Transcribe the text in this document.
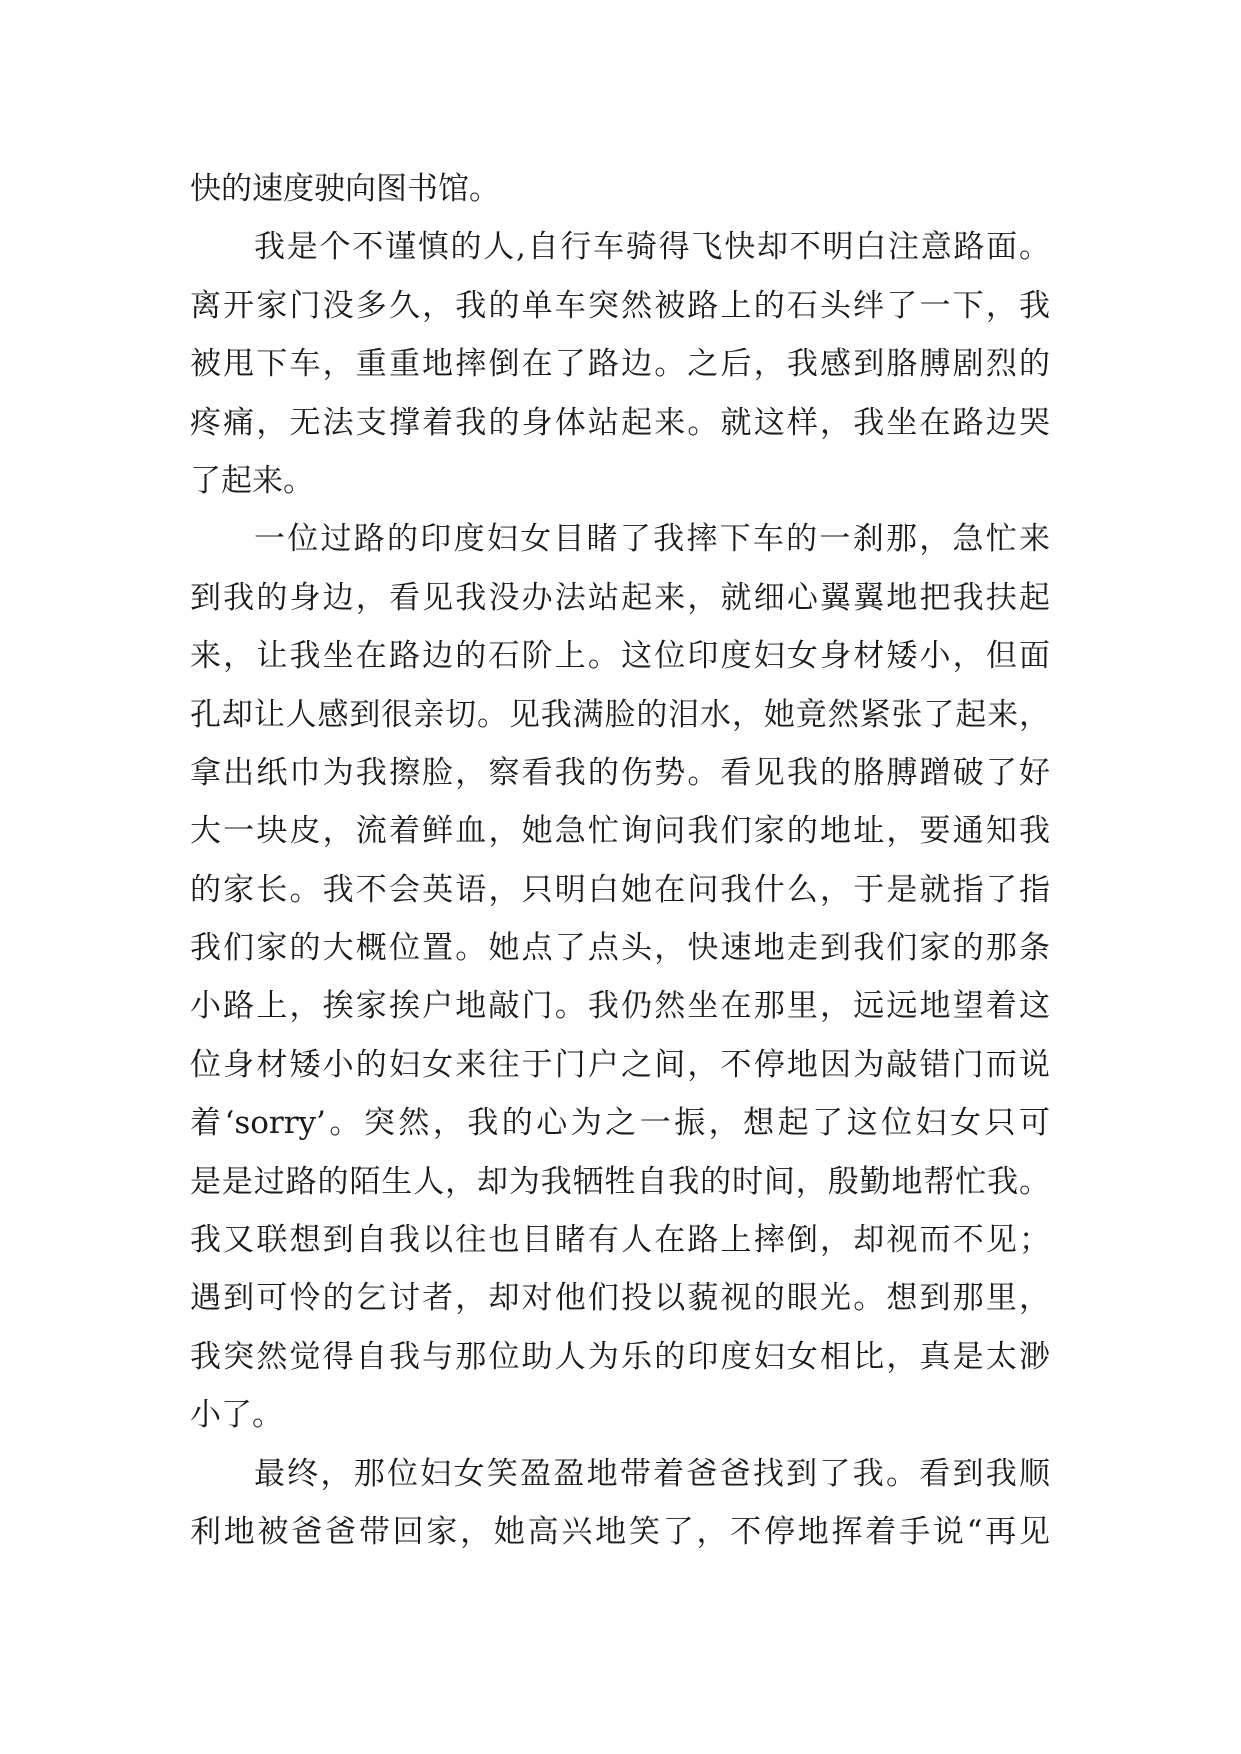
快的速度驶向图书馆。
我是个不谨慎的人,自行车骑得飞快却不明白注意路面。
离开家门没多久，我的单车突然被路上的石头绊了一下，我
被甩下车，重重地摔倒在了路边。之后，我感到胳膊剧烈的
疼痛，无法支撑着我的身体站起来。就这样，我坐在路边哭
了起来。
一位过路的印度妇女目睹了我摔下车的一刹那，急忙来
到我的身边，看见我没办法站起来，就细心翼翼地把我扶起
来，让我坐在路边的石阶上。这位印度妇女身材矮小，但面
孔却让人感到很亲切。见我满脸的泪水，她竟然紧张了起来，
拿出纸巾为我擦脸，察看我的伤势。看见我的胳膊蹭破了好
大一块皮，流着鲜血，她急忙询问我们家的地址，要通知我
的家长。我不会英语，只明白她在问我什么，于是就指了指
我们家的大概位置。她点了点头，快速地走到我们家的那条
小路上，挨家挨户地敲门。我仍然坐在那里，远远地望着这
位身材矮小的妇女来往于门户之间，不停地因为敲错门而说
着‘sorry’。突然，我的心为之一振，想起了这位妇女只可
是是过路的陌生人，却为我牺牲自我的时间，殷勤地帮忙我。
我又联想到自我以往也目睹有人在路上摔倒，却视而不见；
遇到可怜的乞讨者，却对他们投以藐视的眼光。想到那里，
我突然觉得自我与那位助人为乐的印度妇女相比，真是太渺
小了。
最终，那位妇女笑盈盈地带着爸爸找到了我。看到我顺
利地被爸爸带回家，她高兴地笑了，不停地挥着手说“再见
